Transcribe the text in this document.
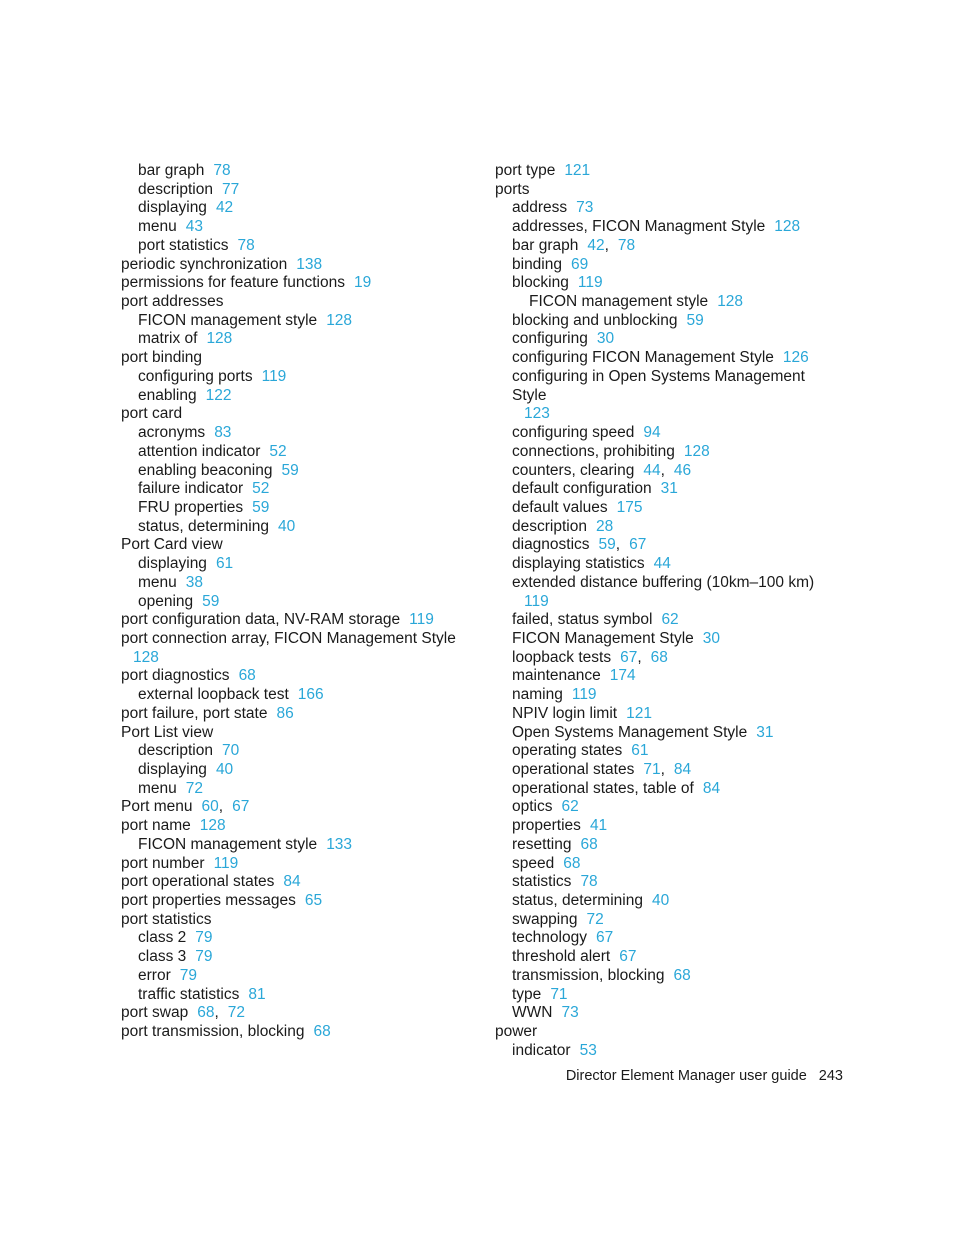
bar graph 78
description 77
displaying 42
menu 43
port statistics 78
periodic synchronization 138
permissions for feature functions 19
port addresses
FICON management style 128
matrix of 128
port binding
configuring ports 119
enabling 122
port card
acronyms 83
attention indicator 52
enabling beaconing 59
failure indicator 52
FRU properties 59
status, determining 40
Port Card view
displaying 61
menu 38
opening 59
port configuration data, NV-RAM storage 119
port connection array, FICON Management Style
128
port diagnostics 68
external loopback test 166
port failure, port state 86
Port List view
description 70
displaying 40
menu 72
Port menu 60, 67
port name 128
FICON management style 133
port number 119
port operational states 84
port properties messages 65
port statistics
class 2 79
class 3 79
error 79
traffic statistics 81
port swap 68, 72
port transmission, blocking 68
port type 121
ports
address 73
addresses, FICON Managment Style 128
bar graph 42, 78
binding 69
blocking 119
FICON management style 128
blocking and unblocking 59
configuring 30
configuring FICON Management Style 126
configuring in Open Systems Management Style
123
configuring speed 94
connections, prohibiting 128
counters, clearing 44, 46
default configuration 31
default values 175
description 28
diagnostics 59, 67
displaying statistics 44
extended distance buffering (10km–100 km)
119
failed, status symbol 62
FICON Management Style 30
loopback tests 67, 68
maintenance 174
naming 119
NPIV login limit 121
Open Systems Management Style 31
operating states 61
operational states 71, 84
operational states, table of 84
optics 62
properties 41
resetting 68
speed 68
statistics 78
status, determining 40
swapping 72
technology 67
threshold alert 67
transmission, blocking 68
type 71
WWN 73
power
indicator 53
Director Element Manager user guide 243
